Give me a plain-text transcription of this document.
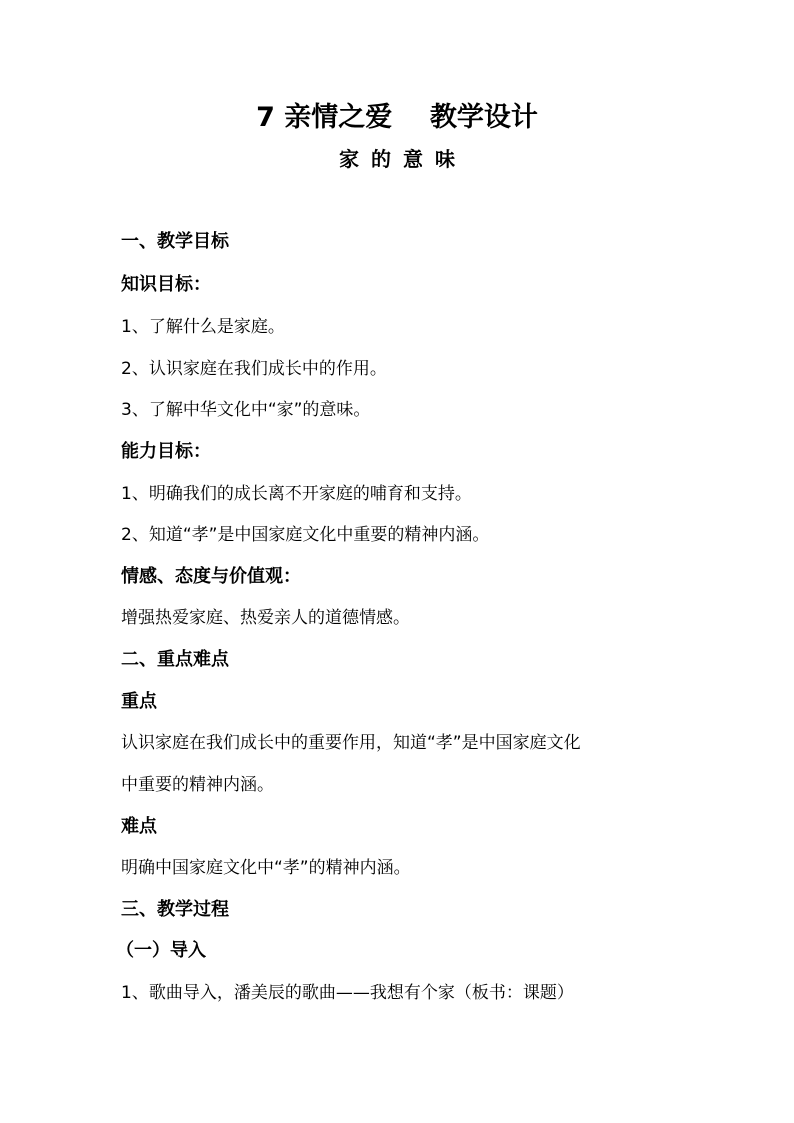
7 亲情之爱    教学设计
家的意味
一、教学目标
知识目标：
1、了解什么是家庭。
2、认识家庭在我们成长中的作用。
3、了解中华文化中“家”的意味。
能力目标：
1、明确我们的成长离不开家庭的哺育和支持。
2、知道“孝”是中国家庭文化中重要的精神内涵。
情感、态度与价值观：
增强热爱家庭、热爱亲人的道德情感。
二、重点难点
重点
认识家庭在我们成长中的重要作用，知道“孝”是中国家庭文化
中重要的精神内涵。
难点
明确中国家庭文化中“孝”的精神内涵。
三、教学过程
（一）导入
1、歌曲导入，潘美辰的歌曲——我想有个家（板书：课题）
